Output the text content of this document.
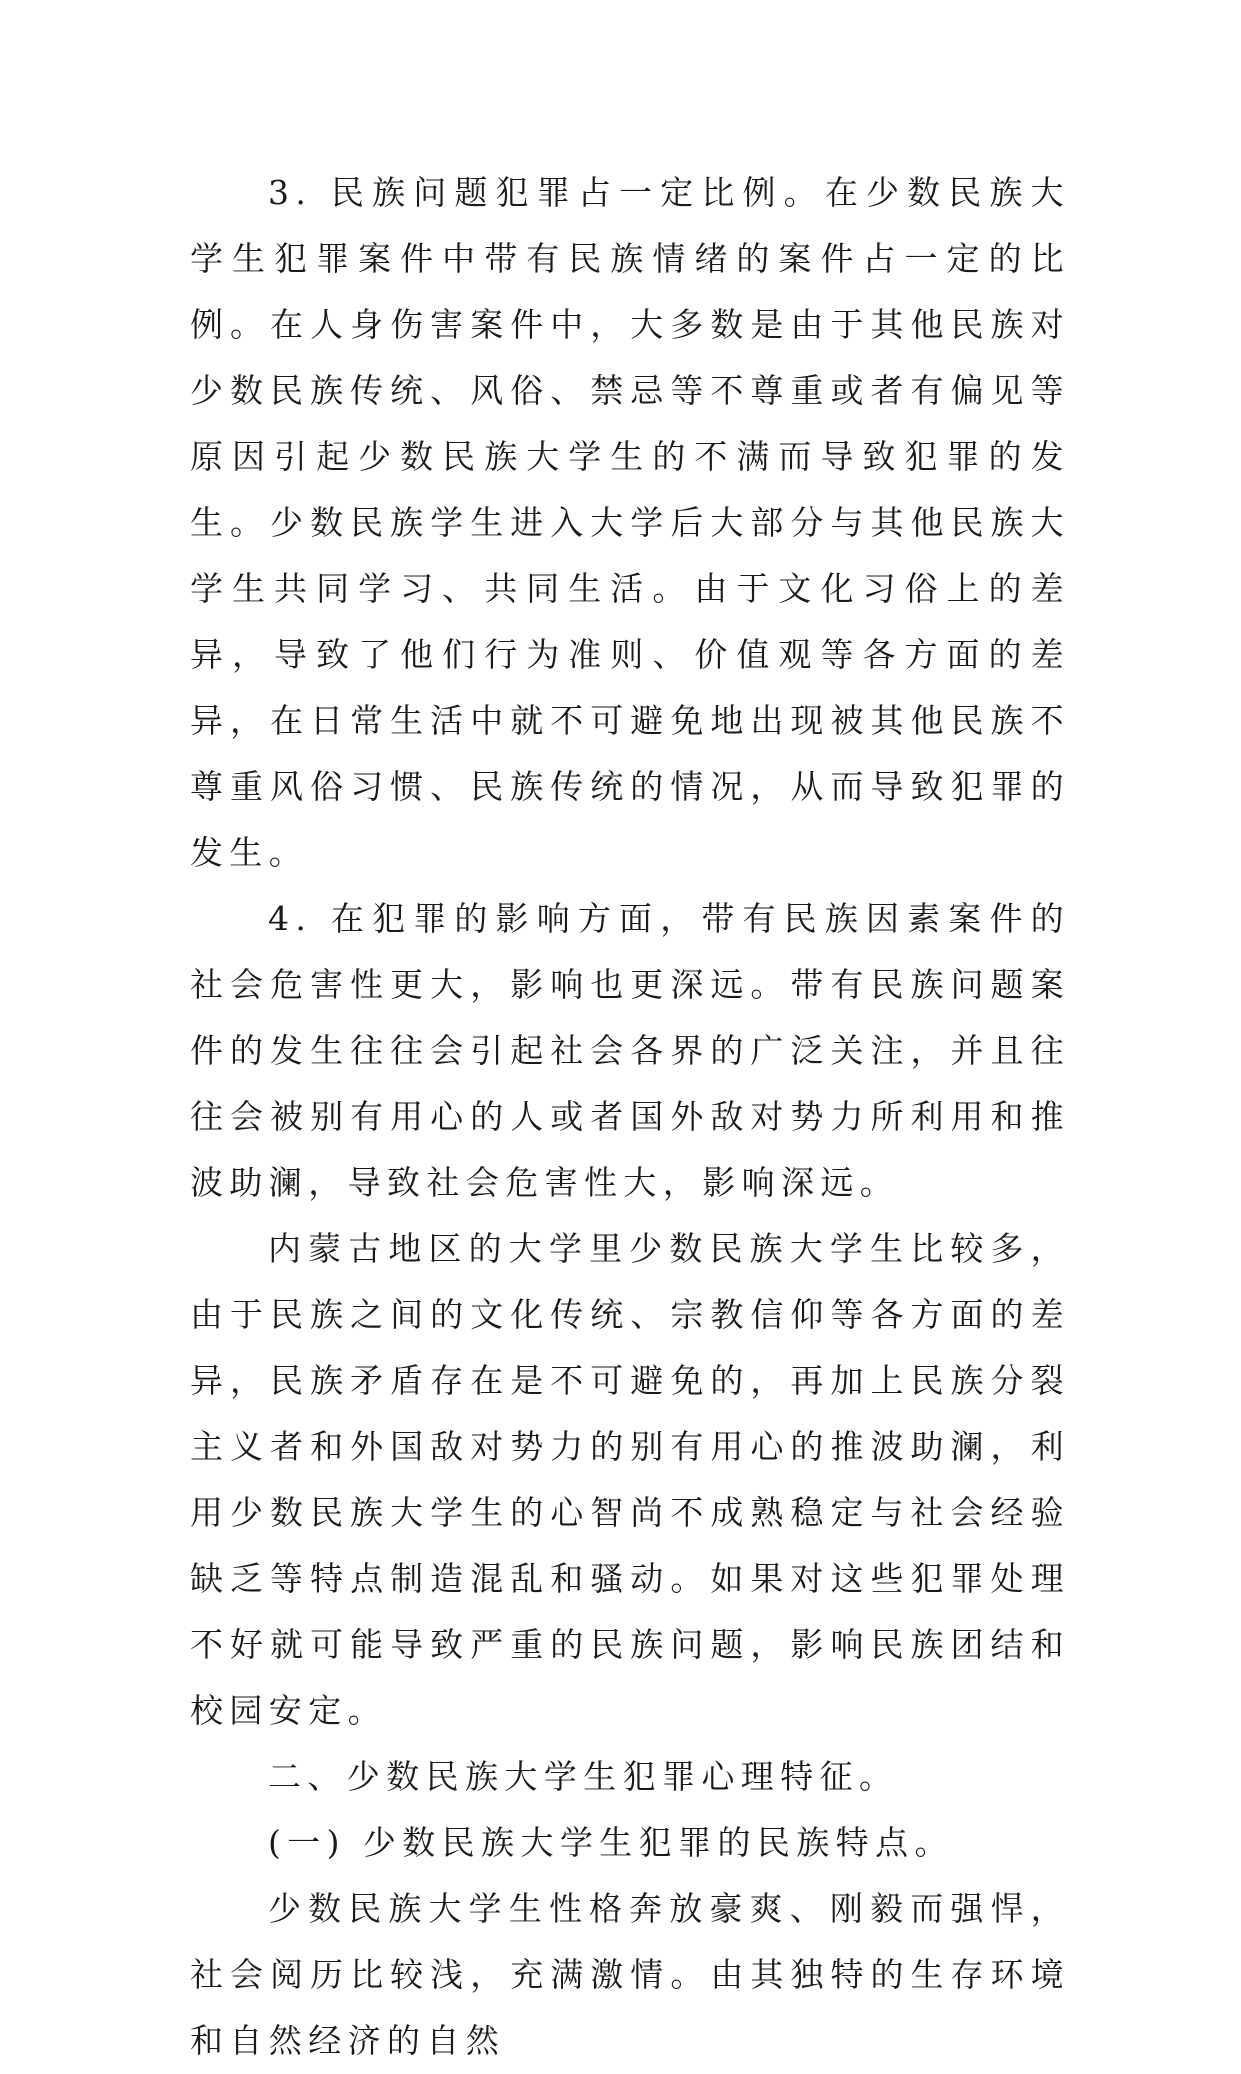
3. 民族问题犯罪占一定比例。在少数民族大学生犯罪案件中带有民族情绪的案件占一定的比例。在人身伤害案件中，大多数是由于其他民族对少数民族传统、风俗、禁忌等不尊重或者有偏见等原因引起少数民族大学生的不满而导致犯罪的发生。少数民族学生进入大学后大部分与其他民族大学生共同学习、共同生活。由于文化习俗上的差异，导致了他们行为准则、价值观等各方面的差异，在日常生活中就不可避免地出现被其他民族不尊重风俗习惯、民族传统的情况，从而导致犯罪的发生。

4. 在犯罪的影响方面，带有民族因素案件的社会危害性更大，影响也更深远。带有民族问题案件的发生往往会引起社会各界的广泛关注，并且往往会被别有用心的人或者国外敌对势力所利用和推波助澜，导致社会危害性大，影响深远。

内蒙古地区的大学里少数民族大学生比较多，由于民族之间的文化传统、宗教信仰等各方面的差异，民族矛盾存在是不可避免的，再加上民族分裂主义者和外国敌对势力的别有用心的推波助澜，利用少数民族大学生的心智尚不成熟稳定与社会经验缺乏等特点制造混乱和骚动。如果对这些犯罪处理不好就可能导致严重的民族问题，影响民族团结和校园安定。

二、少数民族大学生犯罪心理特征。

(一) 少数民族大学生犯罪的民族特点。

少数民族大学生性格奔放豪爽、刚毅而强悍，社会阅历比较浅，充满激情。由其独特的生存环境和自然经济的自然
